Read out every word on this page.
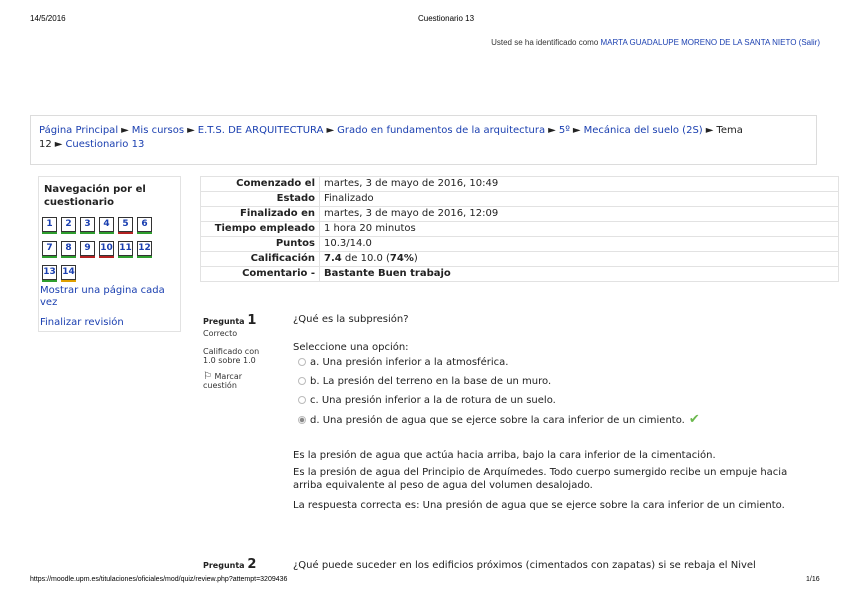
14/5/2016	Cuestionario 13
Usted se ha identificado como MARTA GUADALUPE MORENO DE LA SANTA NIETO (Salir)
Página Principal ► Mis cursos ► E.T.S. DE ARQUITECTURA ► Grado en fundamentos de la arquitectura ► 5º ► Mecánica del suelo (2S) ► Tema 12 ► Cuestionario 13
Navegación por el cuestionario
Mostrar una página cada vez
Finalizar revisión
1	2	3	4	5	6
7	8	9	10 11 12
13 14
Comenzado el	martes, 3 de mayo de 2016, 10:49
Estado	Finalizado
Finalizado en	martes, 3 de mayo de 2016, 12:09
Tiempo empleado	1 hora 20 minutos
Puntos	10.3/14.0
Calificación	7.4 de 10.0 (74%)
Comentario -	Bastante Buen trabajo
Pregunta 1
Correcto
Calificado con 1.0 sobre 1.0
⚐ Marcar cuestión
¿Qué es la subpresión?
Seleccione una opción:
a. Una presión inferior a la atmosférica.
b. La presión del terreno en la base de un muro.
c. Una presión inferior a la de rotura de un suelo.
d. Una presión de agua que se ejerce sobre la cara inferior de un cimiento. ✔
Es la presión de agua que actúa hacia arriba, bajo la cara inferior de la cimentación.
Es la presión de agua del Principio de Arquímedes. Todo cuerpo sumergido recibe un empuje hacia arriba equivalente al peso de agua del volumen desalojado.
La respuesta correcta es: Una presión de agua que se ejerce sobre la cara inferior de un cimiento.
Pregunta 2	¿Qué puede suceder en los edificios próximos (cimentados con zapatas) si se rebaja el Nivel
https://moodle.upm.es/titulaciones/oficiales/mod/quiz/review.php?attempt=3209436	1/16
